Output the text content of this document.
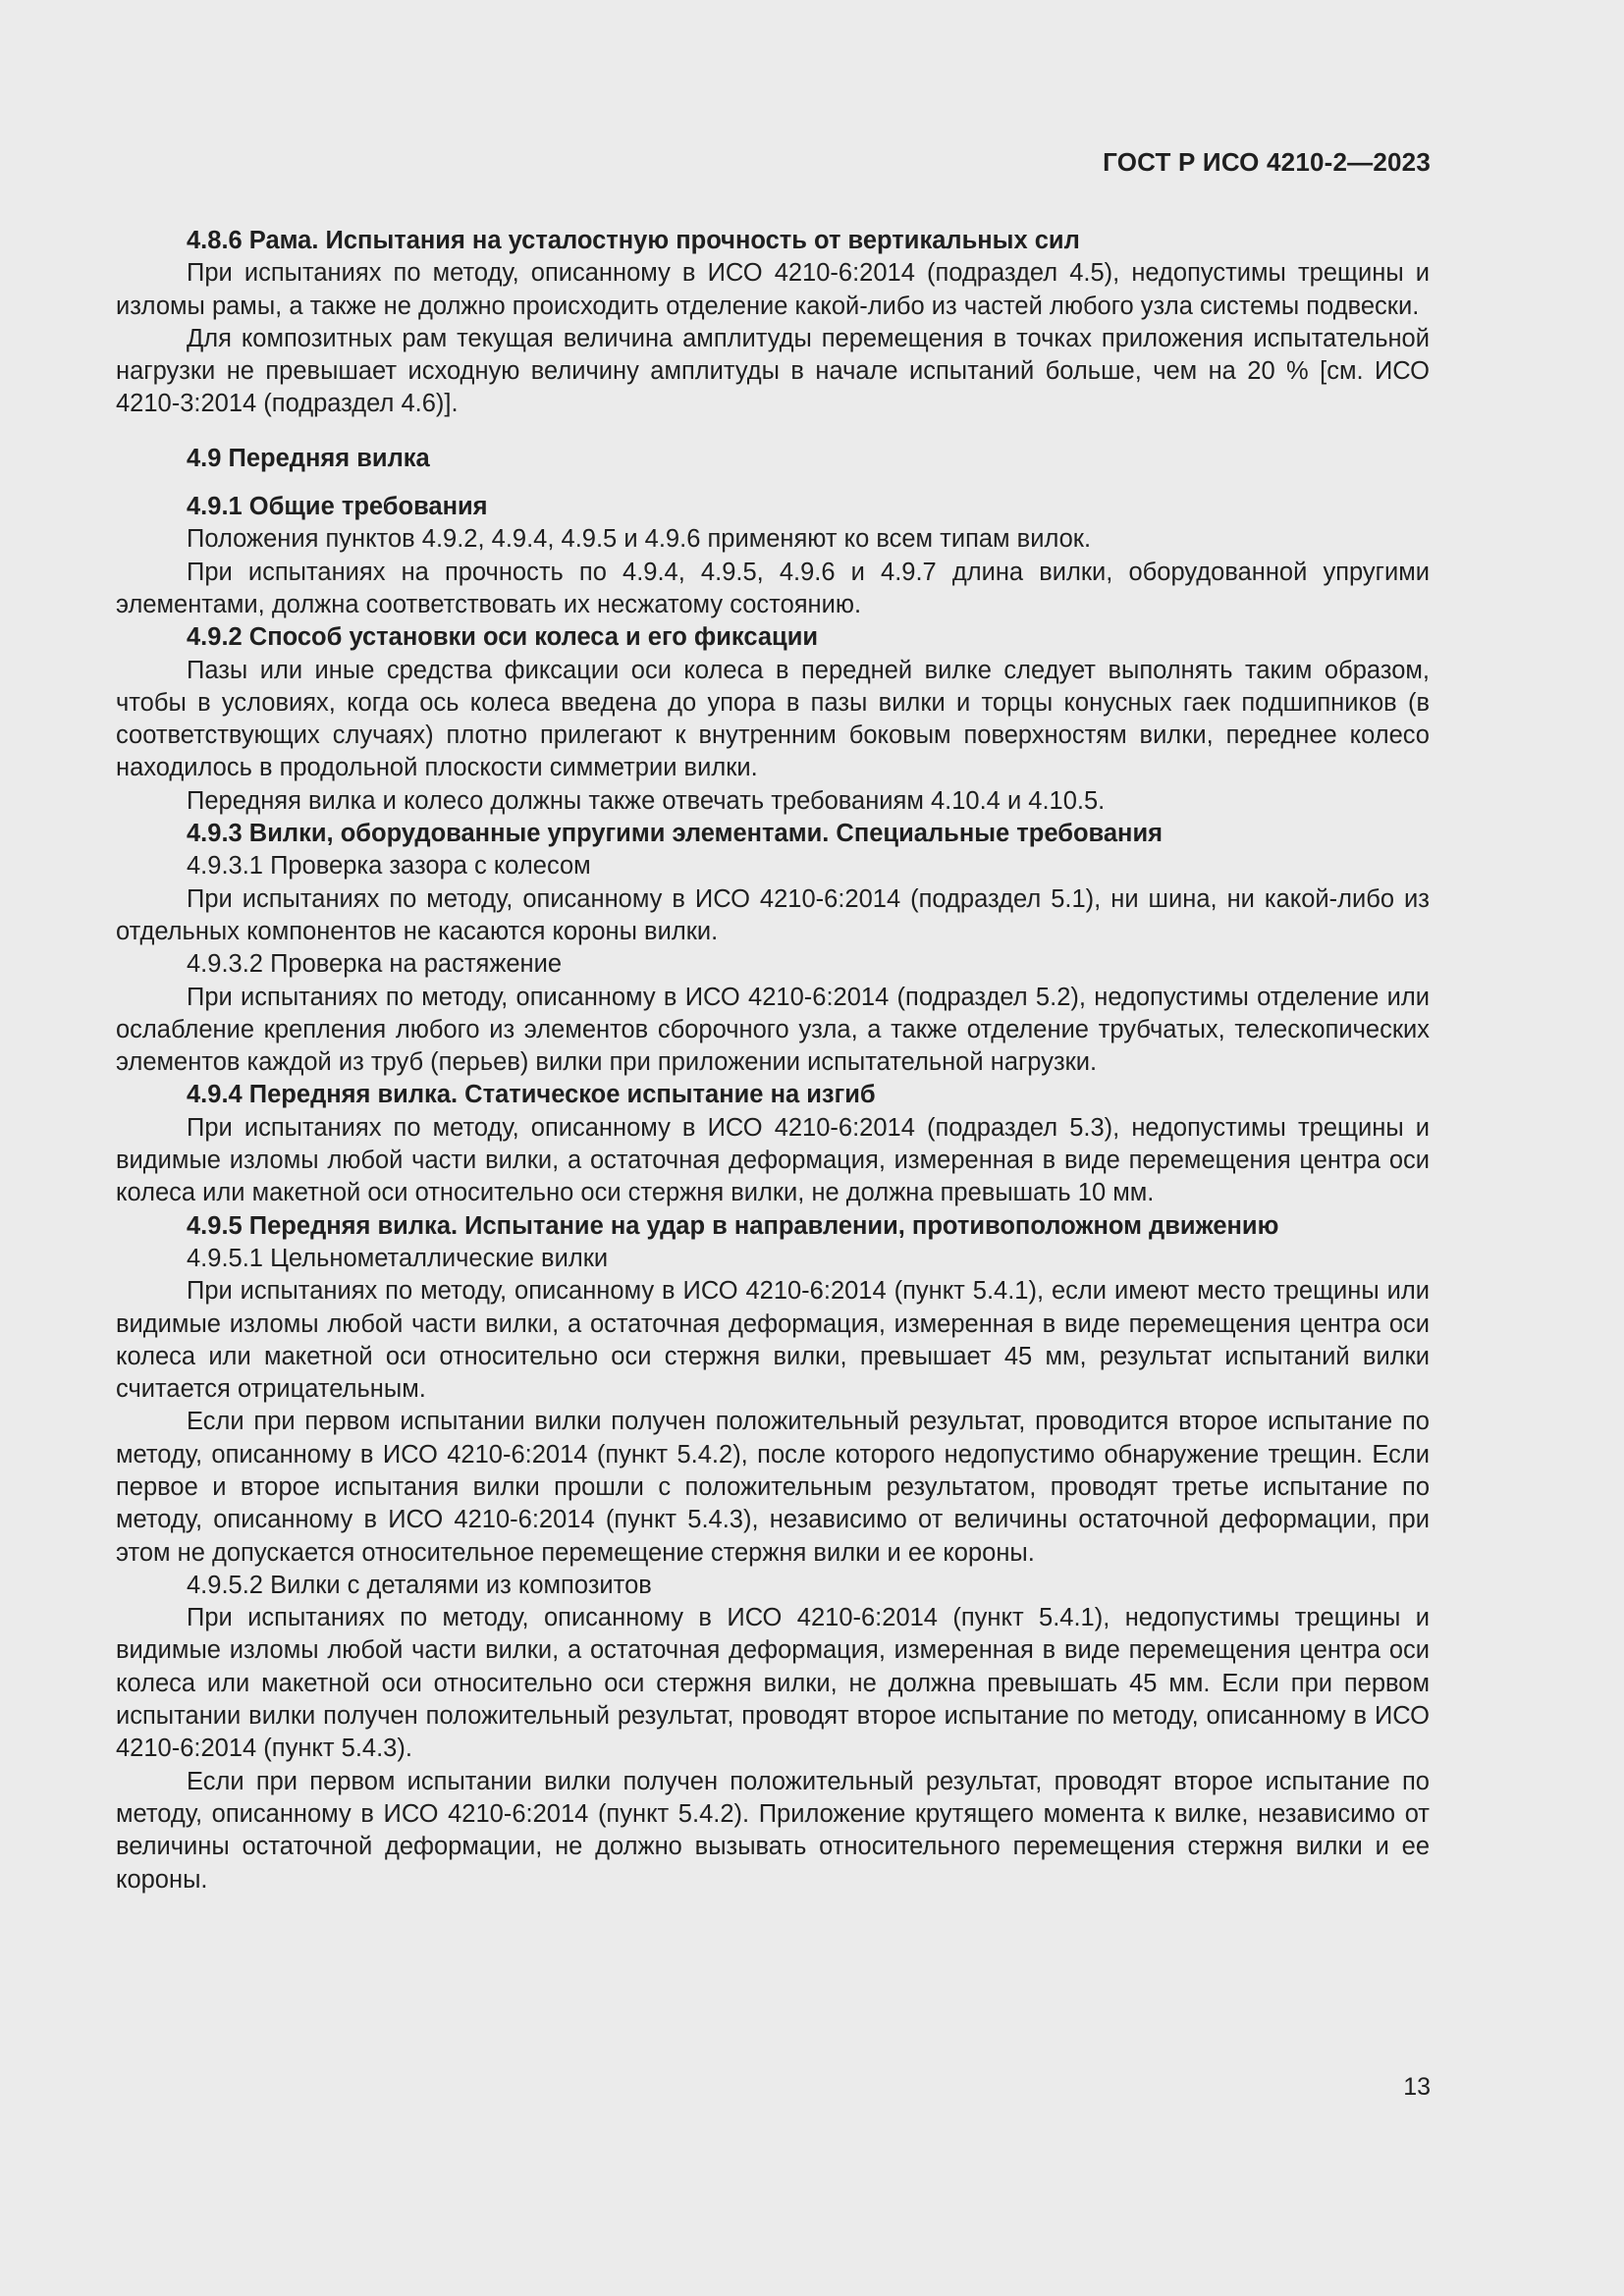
ГОСТ Р ИСО 4210-2—2023

4.8.6 Рама. Испытания на усталостную прочность от вертикальных сил

При испытаниях по методу, описанному в ИСО 4210-6:2014 (подраздел 4.5), недопустимы трещины и изломы рамы, а также не должно происходить отделение какой-либо из частей любого узла системы подвески.

Для композитных рам текущая величина амплитуды перемещения в точках приложения испытательной нагрузки не превышает исходную величину амплитуды в начале испытаний больше, чем на 20 % [см. ИСО 4210-3:2014 (подраздел 4.6)].

4.9 Передняя вилка

4.9.1 Общие требования

Положения пунктов 4.9.2, 4.9.4, 4.9.5 и 4.9.6 применяют ко всем типам вилок.

При испытаниях на прочность по 4.9.4, 4.9.5, 4.9.6 и 4.9.7 длина вилки, оборудованной упругими элементами, должна соответствовать их несжатому состоянию.

4.9.2 Способ установки оси колеса и его фиксации

Пазы или иные средства фиксации оси колеса в передней вилке следует выполнять таким образом, чтобы в условиях, когда ось колеса введена до упора в пазы вилки и торцы конусных гаек подшипников (в соответствующих случаях) плотно прилегают к внутренним боковым поверхностям вилки, переднее колесо находилось в продольной плоскости симметрии вилки.

Передняя вилка и колесо должны также отвечать требованиям 4.10.4 и 4.10.5.

4.9.3 Вилки, оборудованные упругими элементами. Специальные требования

4.9.3.1 Проверка зазора с колесом

При испытаниях по методу, описанному в ИСО 4210-6:2014 (подраздел 5.1), ни шина, ни какой-либо из отдельных компонентов не касаются короны вилки.

4.9.3.2 Проверка на растяжение

При испытаниях по методу, описанному в ИСО 4210-6:2014 (подраздел 5.2), недопустимы отделение или ослабление крепления любого из элементов сборочного узла, а также отделение трубчатых, телескопических элементов каждой из труб (перьев) вилки при приложении испытательной нагрузки.

4.9.4 Передняя вилка. Статическое испытание на изгиб

При испытаниях по методу, описанному в ИСО 4210-6:2014 (подраздел 5.3), недопустимы трещины и видимые изломы любой части вилки, а остаточная деформация, измеренная в виде перемещения центра оси колеса или макетной оси относительно оси стержня вилки, не должна превышать 10 мм.

4.9.5 Передняя вилка. Испытание на удар в направлении, противоположном движению

4.9.5.1 Цельнометаллические вилки

При испытаниях по методу, описанному в ИСО 4210-6:2014 (пункт 5.4.1), если имеют место трещины или видимые изломы любой части вилки, а остаточная деформация, измеренная в виде перемещения центра оси колеса или макетной оси относительно оси стержня вилки, превышает 45 мм, результат испытаний вилки считается отрицательным.

Если при первом испытании вилки получен положительный результат, проводится второе испытание по методу, описанному в ИСО 4210-6:2014 (пункт 5.4.2), после которого недопустимо обнаружение трещин. Если первое и второе испытания вилки прошли с положительным результатом, проводят третье испытание по методу, описанному в ИСО 4210-6:2014 (пункт 5.4.3), независимо от величины остаточной деформации, при этом не допускается относительное перемещение стержня вилки и ее короны.

4.9.5.2 Вилки с деталями из композитов

При испытаниях по методу, описанному в ИСО 4210-6:2014 (пункт 5.4.1), недопустимы трещины и видимые изломы любой части вилки, а остаточная деформация, измеренная в виде перемещения центра оси колеса или макетной оси относительно оси стержня вилки, не должна превышать 45 мм. Если при первом испытании вилки получен положительный результат, проводят второе испытание по методу, описанному в ИСО 4210-6:2014 (пункт 5.4.3).

Если при первом испытании вилки получен положительный результат, проводят второе испытание по методу, описанному в ИСО 4210-6:2014 (пункт 5.4.2). Приложение крутящего момента к вилке, независимо от величины остаточной деформации, не должно вызывать относительного перемещения стержня вилки и ее короны.

13
